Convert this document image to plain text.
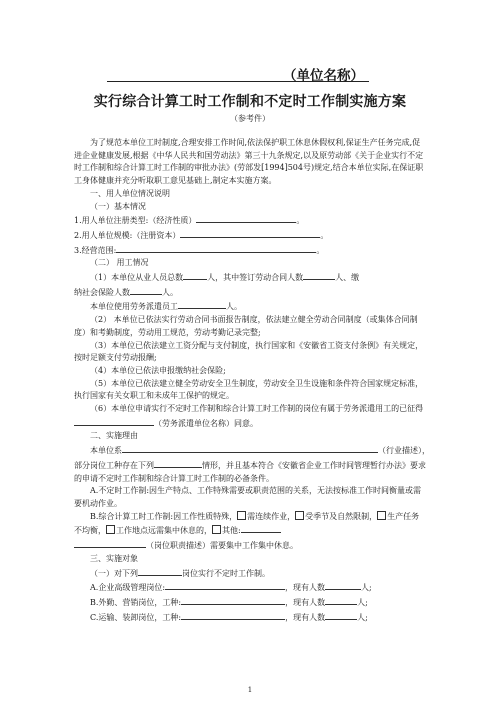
（单位名称）
实行综合计算工时工作制和不定时工作制实施方案
（参考件）

为了规范本单位工时制度,合理安排工作时间,依法保护职工休息休假权利,保证生产任务完成,促进企业健康发展,根据《中华人民共和国劳动法》第三十九条规定,以及原劳动部《关于企业实行不定时工作制和综合计算工时工作制的审批办法》(劳部发[1994]504号)规定,结合本单位实际,在保证职工身体健康并充分听取职工意见基础上,制定本实施方案。

一、用人单位情况说明

（一）基本情况

1.用人单位注册类型:（经济性质）	。

2.用人单位规模:（注册资本）	。

3.经营范围:	。

（二） 用工情况

（1）本单位从业人员总数	人，其中签订劳动合同人数	人、缴

纳社会保险人数	人。

本单位使用劳务派遣员工	人。

（2） 本单位已依法实行劳动合同书面报告制度，依法建立健全劳动合同制度（或集体合同制度）和考勤制度，劳动用工规范，劳动考勤记录完整;

（3）本单位已依法建立工资分配与支付制度，执行国家和《安徽省工资支付条例》有关规定，按时足额支付劳动报酬;

（4）本单位已依法申报缴纳社会保险;

（5）本单位已依法建立健全劳动安全卫生制度，劳动安全卫生设施和条件符合国家规定标准，执行国家有关女职工和未成年工保护的规定。

（6）本单位申请实行不定时工作制和综合计算工时工作制的岗位有属于劳务派遣用工的已征得（劳务派遣单位名称）同意。

二、实施理由

本单位系	（行业描述），

部分岗位工种存在下列	情形，并且基本符合《安徽省企业工作时间管理暂行办法》要求的申请不定时工作制和综合计算工时工作制的必备条件。

A.不定时工作制:因生产特点、工作特殊需要或职责范围的关系，无法按标准工作时间衡量或需要机动作业。

B.综合计算工时工作制:因工作性质特殊， 需连续作业， 受季节及自然限制， 生产任务不均衡， 工作地点远需集中休息的， 其他:

（岗位职责描述）需要集中工作集中休息。

三、实施对象

（一）对下列	岗位实行不定时工作制。

A.企业高级管理岗位:	，现有人数	人;

B.外勤、营销岗位，工种:	，现有人数	人;

C.运输、装卸岗位，工种:	，现有人数	人;

1
